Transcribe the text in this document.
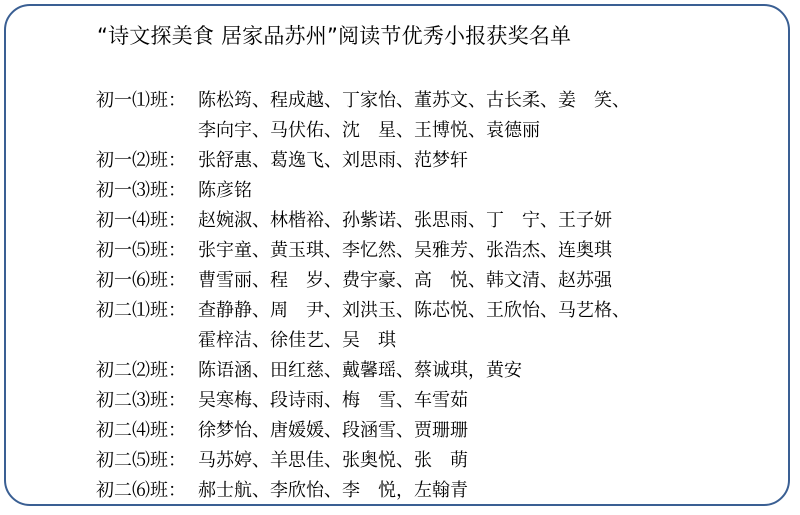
“诗文探美食 居家品苏州”阅读节优秀小报获奖名单
初一⑴班： 陈松筠、程成越、丁家怡、董苏文、古长柔、姜　笑、
李向宇、马伏佑、沈　星、王博悦、袁德丽
初一⑵班： 张舒惠、葛逸飞、刘思雨、范梦轩
初一⑶班： 陈彦铭
初一⑷班： 赵婉淑、林楷裕、孙紫诺、张思雨、丁　宁、王子妍
初一⑸班： 张宇童、黄玉琪、李忆然、吴雅芳、张浩杰、连奥琪
初一⑹班： 曹雪丽、程　岁、费宇豪、高　悦、韩文清、赵苏强
初二⑴班： 查静静、周　尹、刘洪玉、陈芯悦、王欣怡、马艺格、
霍梓洁、徐佳艺、吴　琪
初二⑵班： 陈语涵、田红慈、戴馨瑶、蔡诚琪，黄安
初二⑶班： 吴寒梅、段诗雨、梅　雪、车雪茹
初二⑷班： 徐梦怡、唐媛媛、段涵雪、贾珊珊
初二⑸班： 马苏婷、羊思佳、张奥悦、张　萌
初二⑹班： 郝士航、李欣怡、李　悦，左翰青
